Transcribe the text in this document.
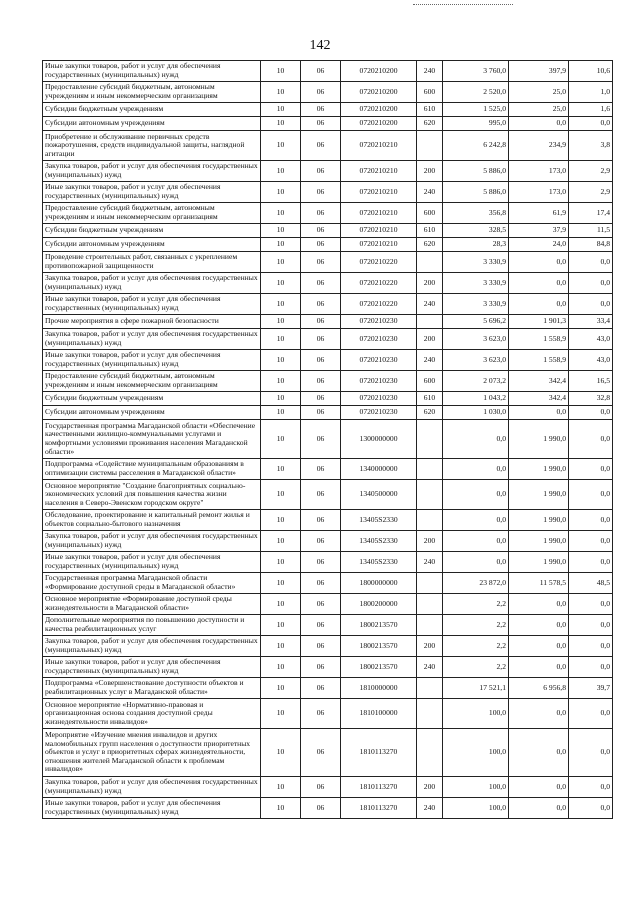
142
Иные закупки товаров, работ и услуг для обеспечения государственных (муниципальных) нужд	10	06	0720210200	240	3 760,0	397,9	10,6
Предоставление субсидий бюджетным, автономным учреждениям и иным некоммерческим организациям	10	06	0720210200	600	2 520,0	25,0	1,0
Субсидии бюджетным учреждениям	10	06	0720210200	610	1 525,0	25,0	1,6
Субсидии автономным учреждениям	10	06	0720210200	620	995,0	0,0	0,0
Приобретение и обслуживание первичных средств пожаротушения, средств индивидуальной защиты, наглядной агитации	10	06	0720210210		6 242,8	234,9	3,8
Закупка товаров, работ и услуг для обеспечения государственных (муниципальных) нужд	10	06	0720210210	200	5 886,0	173,0	2,9
Иные закупки товаров, работ и услуг для обеспечения государственных (муниципальных) нужд	10	06	0720210210	240	5 886,0	173,0	2,9
Предоставление субсидий бюджетным, автономным учреждениям и иным некоммерческим организациям	10	06	0720210210	600	356,8	61,9	17,4
Субсидии бюджетным учреждениям	10	06	0720210210	610	328,5	37,9	11,5
Субсидии автономным учреждениям	10	06	0720210210	620	28,3	24,0	84,8
Проведение строительных работ, связанных с укреплением противопожарной защищенности	10	06	0720210220		3 330,9	0,0	0,0
Закупка товаров, работ и услуг для обеспечения государственных (муниципальных) нужд	10	06	0720210220	200	3 330,9	0,0	0,0
Иные закупки товаров, работ и услуг для обеспечения государственных (муниципальных) нужд	10	06	0720210220	240	3 330,9	0,0	0,0
Прочие мероприятия в сфере пожарной безопасности	10	06	0720210230		5 696,2	1 901,3	33,4
Закупка товаров, работ и услуг для обеспечения государственных (муниципальных) нужд	10	06	0720210230	200	3 623,0	1 558,9	43,0
Иные закупки товаров, работ и услуг для обеспечения государственных (муниципальных) нужд	10	06	0720210230	240	3 623,0	1 558,9	43,0
Предоставление субсидий бюджетным, автономным учреждениям и иным некоммерческим организациям	10	06	0720210230	600	2 073,2	342,4	16,5
Субсидии бюджетным учреждениям	10	06	0720210230	610	1 043,2	342,4	32,8
Субсидии автономным учреждениям	10	06	0720210230	620	1 030,0	0,0	0,0
Государственная программа Магаданской области «Обеспечение качественными жилищно-коммунальными услугами и комфортными условиями проживания населения Магаданской области»	10	06	1300000000		0,0	1 990,0	0,0
Подпрограмма «Содействие муниципальным образованиям в оптимизации системы расселения в Магаданской области»	10	06	1340000000		0,0	1 990,0	0,0
Основное мероприятие "Создание благоприятных социально-экономических условий для повышения качества жизни населения в Северо-Эвенском городском округе"	10	06	1340500000		0,0	1 990,0	0,0
Обследование, проектирование и капитальный ремонт жилья и объектов социально-бытового назначения	10	06	13405S2330		0,0	1 990,0	0,0
Закупка товаров, работ и услуг для обеспечения государственных (муниципальных) нужд	10	06	13405S2330	200	0,0	1 990,0	0,0
Иные закупки товаров, работ и услуг для обеспечения государственных (муниципальных) нужд	10	06	13405S2330	240	0,0	1 990,0	0,0
Государственная программа Магаданской области «Формирование доступной среды в Магаданской области»	10	06	1800000000		23 872,0	11 578,5	48,5
Основное мероприятие «Формирование доступной среды жизнедеятельности в Магаданской области»	10	06	1800200000		2,2	0,0	0,0
Дополнительные мероприятия по повышению доступности и качества реабилитационных услуг	10	06	1800213570		2,2	0,0	0,0
Закупка товаров, работ и услуг для обеспечения государственных (муниципальных) нужд	10	06	1800213570	200	2,2	0,0	0,0
Иные закупки товаров, работ и услуг для обеспечения государственных (муниципальных) нужд	10	06	1800213570	240	2,2	0,0	0,0
Подпрограмма «Совершенствование доступности объектов и реабилитационных услуг в Магаданской области»	10	06	1810000000		17 521,1	6 956,8	39,7
Основное мероприятие «Нормативно-правовая и организационная основа создания доступной среды жизнедеятельности инвалидов»	10	06	1810100000		100,0	0,0	0,0
Мероприятие «Изучение мнения инвалидов и других маломобильных групп населения о доступности приоритетных объектов и услуг в приоритетных сферах жизнедеятельности, отношения жителей Магаданской области к проблемам инвалидов»	10	06	1810113270		100,0	0,0	0,0
Закупка товаров, работ и услуг для обеспечения государственных (муниципальных) нужд	10	06	1810113270	200	100,0	0,0	0,0
Иные закупки товаров, работ и услуг для обеспечения государственных (муниципальных) нужд	10	06	1810113270	240	100,0	0,0	0,0
